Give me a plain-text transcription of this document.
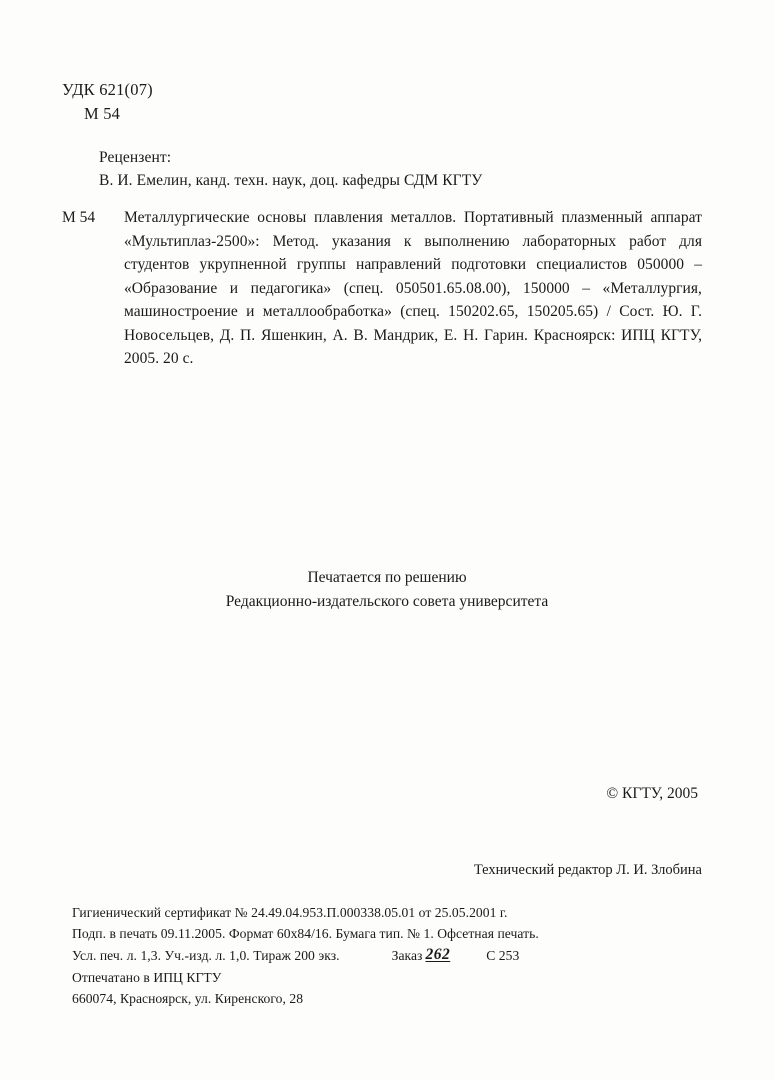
УДК 621(07)
М 54
Рецензент:
В. И. Емелин, канд. техн. наук, доц. кафедры СДМ КГТУ
М 54	Металлургические основы плавления металлов. Портативный плазменный аппарат «Мультиплаз-2500»: Метод. указания к выполнению лабораторных работ для студентов укрупненной группы направлений подготовки специалистов 050000 – «Образование и педагогика» (спец. 050501.65.08.00), 150000 – «Металлургия, машиностроение и металлообработка» (спец. 150202.65, 150205.65) / Сост. Ю. Г. Новосельцев, Д. П. Яшенкин, А. В. Мандрик, Е. Н. Гарин. Красноярск: ИПЦ КГТУ, 2005. 20 с.
Печатается по решению
Редакционно-издательского совета университета
© КГТУ, 2005
Технический редактор Л. И. Злобина
Гигиенический сертификат № 24.49.04.953.П.000338.05.01 от 25.05.2001 г.
Подп. в печать 09.11.2005. Формат 60х84/16. Бумага тип. № 1. Офсетная печать.
Усл. печ. л. 1,3. Уч.-изд. л. 1,0. Тираж 200 экз.	Заказ 262	С 253
Отпечатано в ИПЦ КГТУ
660074, Красноярск, ул. Киренского, 28
